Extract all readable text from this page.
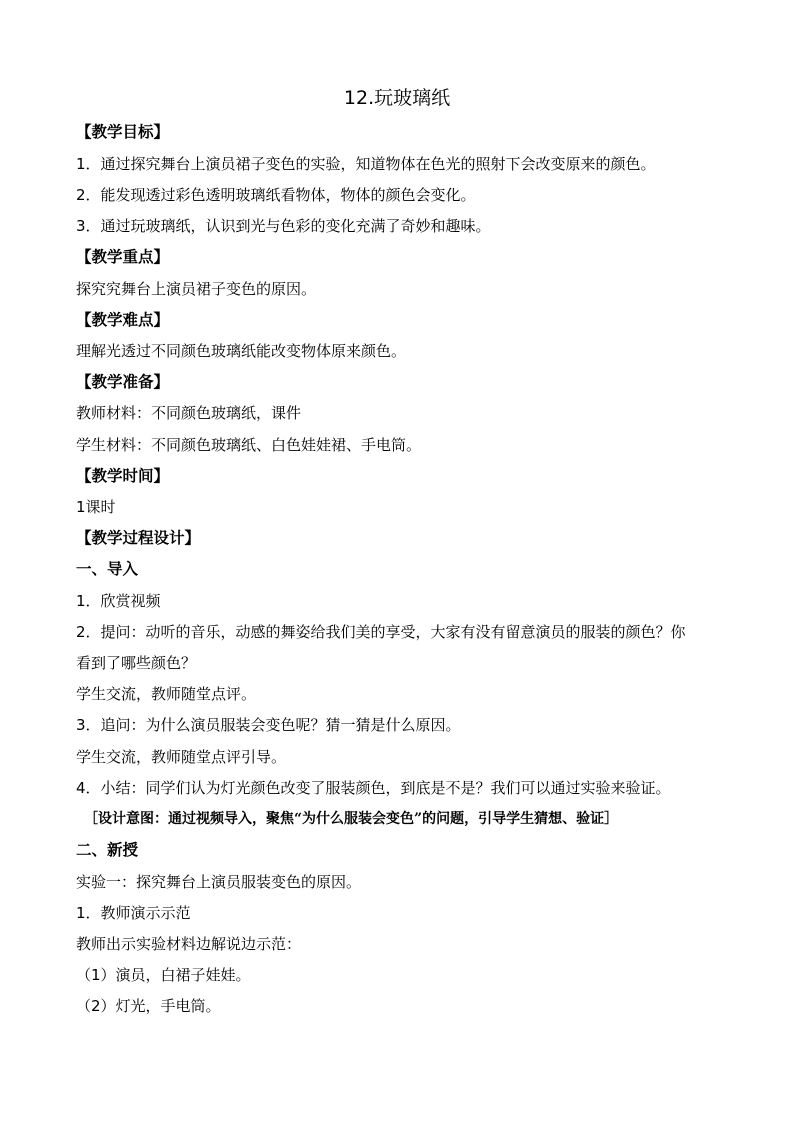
12.玩玻璃纸
【教学目标】
1．通过探究舞台上演员裙子变色的实验，知道物体在色光的照射下会改变原来的颜色。
2．能发现透过彩色透明玻璃纸看物体，物体的颜色会变化。
3．通过玩玻璃纸，认识到光与色彩的变化充满了奇妙和趣味。
【教学重点】
探究究舞台上演员裙子变色的原因。
【教学难点】
理解光透过不同颜色玻璃纸能改变物体原来颜色。
【教学准备】
教师材料：不同颜色玻璃纸，课件
学生材料：不同颜色玻璃纸、白色娃娃裙、手电筒。
【教学时间】
1课时
【教学过程设计】
一、导入
1．欣赏视频
2．提问：动听的音乐，动感的舞姿给我们美的享受，大家有没有留意演员的服装的颜色？你
看到了哪些颜色？
学生交流，教师随堂点评。
3．追问：为什么演员服装会变色呢？猜一猜是什么原因。
学生交流，教师随堂点评引导。
4．小结：同学们认为灯光颜色改变了服装颜色，到底是不是？我们可以通过实验来验证。
［设计意图：通过视频导入，聚焦“为什么服装会变色”的问题，引导学生猜想、验证］
二、新授
实验一：探究舞台上演员服装变色的原因。
1．教师演示示范
教师出示实验材料边解说边示范：
（1）演员，白裙子娃娃。
（2）灯光，手电筒。
